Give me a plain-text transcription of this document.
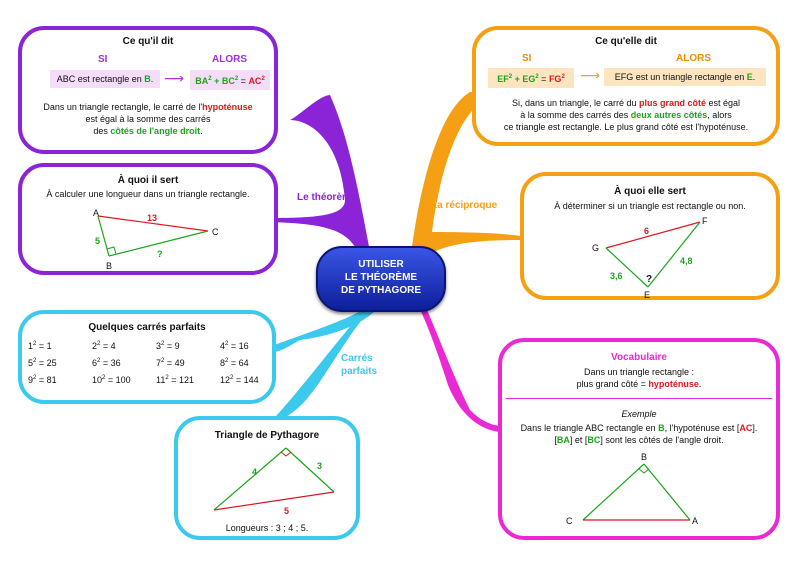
UTILISER
LE THÉORÈME
DE PYTHAGORE
Le théorème
La réciproque
Carrés
parfaits
Ce qu'il dit
SI	ALORS
ABC est rectangle en B. ⟶	$BA^2 + BC^2 = AC^2$
Dans un triangle rectangle, le carré de l'hypoténuse
est égal à la somme des carrés
des côtés de l'angle droit.
À quoi il sert
À calculer une longueur dans un triangle rectangle.
A
B
C
13
5
?
Quelques carrés parfaits
$1^2 = 1$	$2^2 = 4$	$3^2 = 9$	$4^2 = 16$
$5^2 = 25$	$6^2 = 36$	$7^2 = 49$	$8^2 = 64$
$9^2 = 81$	$10^2 = 100$	$11^2 = 121$	$12^2 = 144$
Triangle de Pythagore
4
3
5
Longueurs : 3 ; 4 ; 5.
Ce qu'elle dit
SI	ALORS
$EF^2 + EG^2 = FG^2$	⟶	EFG est un triangle rectangle en E.
Si, dans un triangle, le carré du plus grand côté est égal
à la somme des carrés des deux autres côtés, alors
ce triangle est rectangle. Le plus grand côté est l'hypoténuse.
À quoi elle sert
À déterminer si un triangle est rectangle ou non.
G
F
E
6
3,6
4,8
?
Vocabulaire
Dans un triangle rectangle :
plus grand côté = hypoténuse.
Exemple
Dans le triangle ABC rectangle en B, l'hypoténuse est [AC].
[BA] et [BC] sont les côtés de l'angle droit.
B
C	A
